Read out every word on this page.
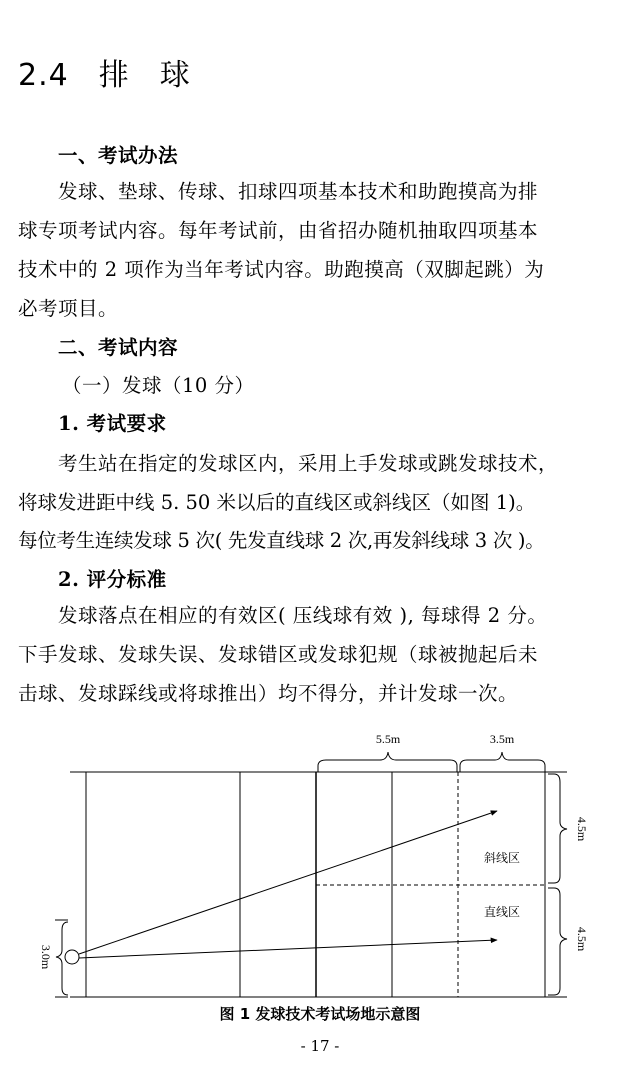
2.4 排 球
一、考试办法
发球、垫球、传球、扣球四项基本技术和助跑摸高为排
球专项考试内容。每年考试前，由省招办随机抽取四项基本
技术中的 2 项作为当年考试内容。助跑摸高（双脚起跳）为
必考项目。
二、考试内容
（一）发球（10 分）
1. 考试要求
考生站在指定的发球区内，采用上手发球或跳发球技术，
将球发进距中线 5. 50 米以后的直线区或斜线区（如图 1)。
每位考生连续发球 5 次( 先发直线球 2 次,再发斜线球 3 次 )。
2. 评分标准
发球落点在相应的有效区( 压线球有效 ), 每球得 2 分。
下手发球、发球失误、发球错区或发球犯规（球被抛起后未
击球、发球踩线或将球推出）均不得分，并计发球一次。
5.5m	3.5m
4.5m
4.5m
3.0m
斜线区
直线区
图 1 发球技术考试场地示意图
- 17 -
